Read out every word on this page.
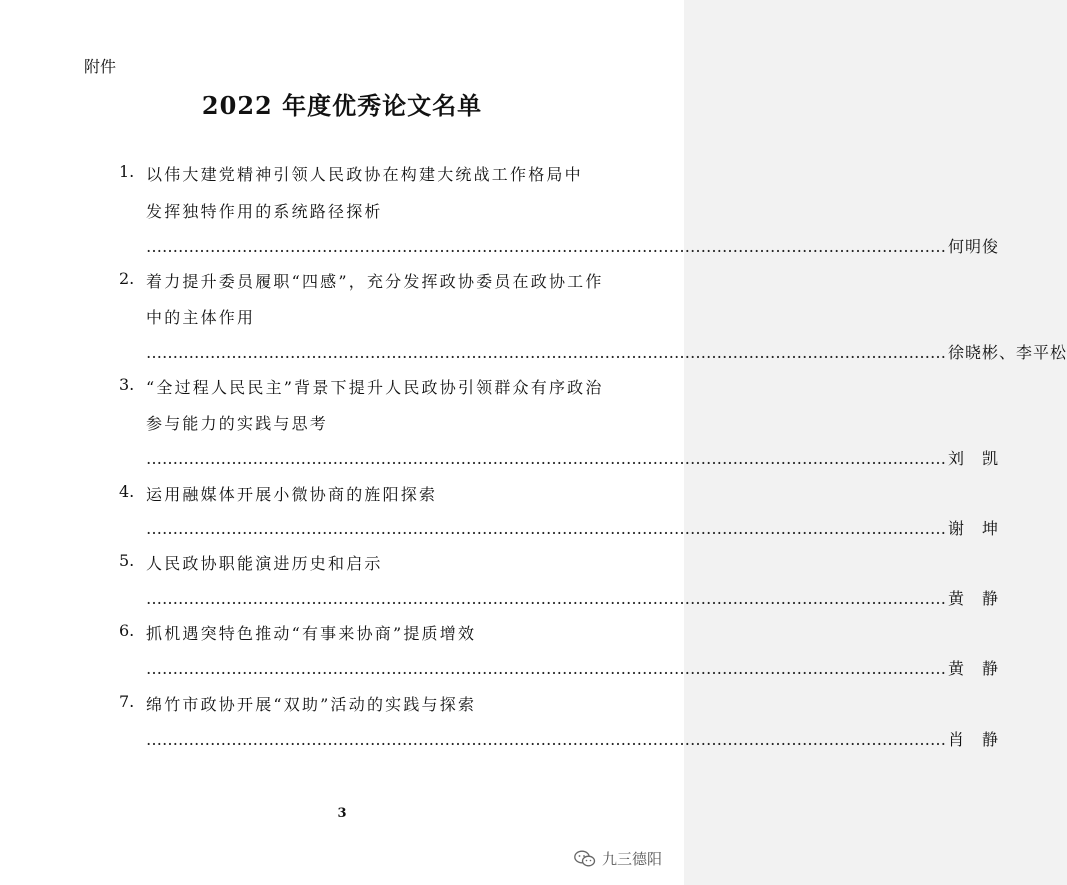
附件
2022 年度优秀论文名单
1. 以伟大建党精神引领人民政协在构建大统战工作格局中
发挥独特作用的系统路径探析
…………………………………………………………………………………………………………………………………… 何明俊
2. 着力提升委员履职“四感”，充分发挥政协委员在政协工作
中的主体作用
…………………………………………………………………………………………………………………………………… 徐晓彬、李平松
3. “全过程人民民主”背景下提升人民政协引领群众有序政治
参与能力的实践与思考
…………………………………………………………………………………………………………………………………… 刘　凯
4. 运用融媒体开展小微协商的旌阳探索
…………………………………………………………………………………………………………………………………… 谢　坤
5. 人民政协职能演进历史和启示
…………………………………………………………………………………………………………………………………… 黄　静
6. 抓机遇突特色推动“有事来协商”提质增效
…………………………………………………………………………………………………………………………………… 黄　静
7. 绵竹市政协开展“双助”活动的实践与探索
…………………………………………………………………………………………………………………………………… 肖　静
3
九三德阳
